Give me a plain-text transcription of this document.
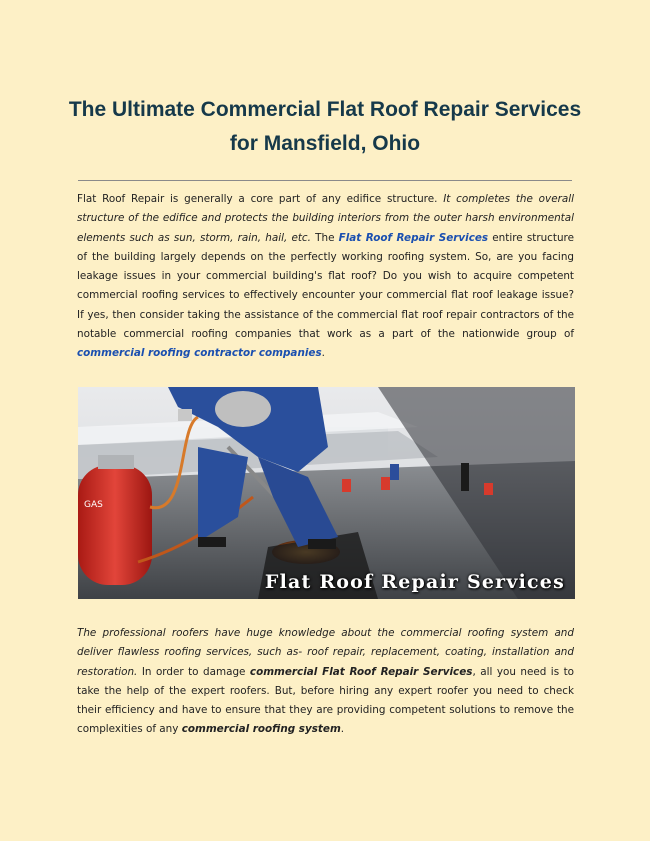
The Ultimate Commercial Flat Roof Repair Services
for Mansfield, Ohio

Flat Roof Repair is generally a core part of any edifice structure. It completes the overall structure of the edifice and protects the building interiors from the outer harsh environmental elements such as sun, storm, rain, hail, etc. The Flat Roof Repair Services entire structure of the building largely depends on the perfectly working roofing system. So, are you facing leakage issues in your commercial building's flat roof? Do you wish to acquire competent commercial roofing services to effectively encounter your commercial flat roof leakage issue? If yes, then consider taking the assistance of the commercial flat roof repair contractors of the notable commercial roofing companies that work as a part of the nationwide group of commercial roofing contractor companies.

GAS
Flat Roof Repair Services

The professional roofers have huge knowledge about the commercial roofing system and deliver flawless roofing services, such as- roof repair, replacement, coating, installation and restoration. In order to damage commercial Flat Roof Repair Services, all you need is to take the help of the expert roofers. But, before hiring any expert roofer you need to check their efficiency and have to ensure that they are providing competent solutions to remove the complexities of any commercial roofing system.
